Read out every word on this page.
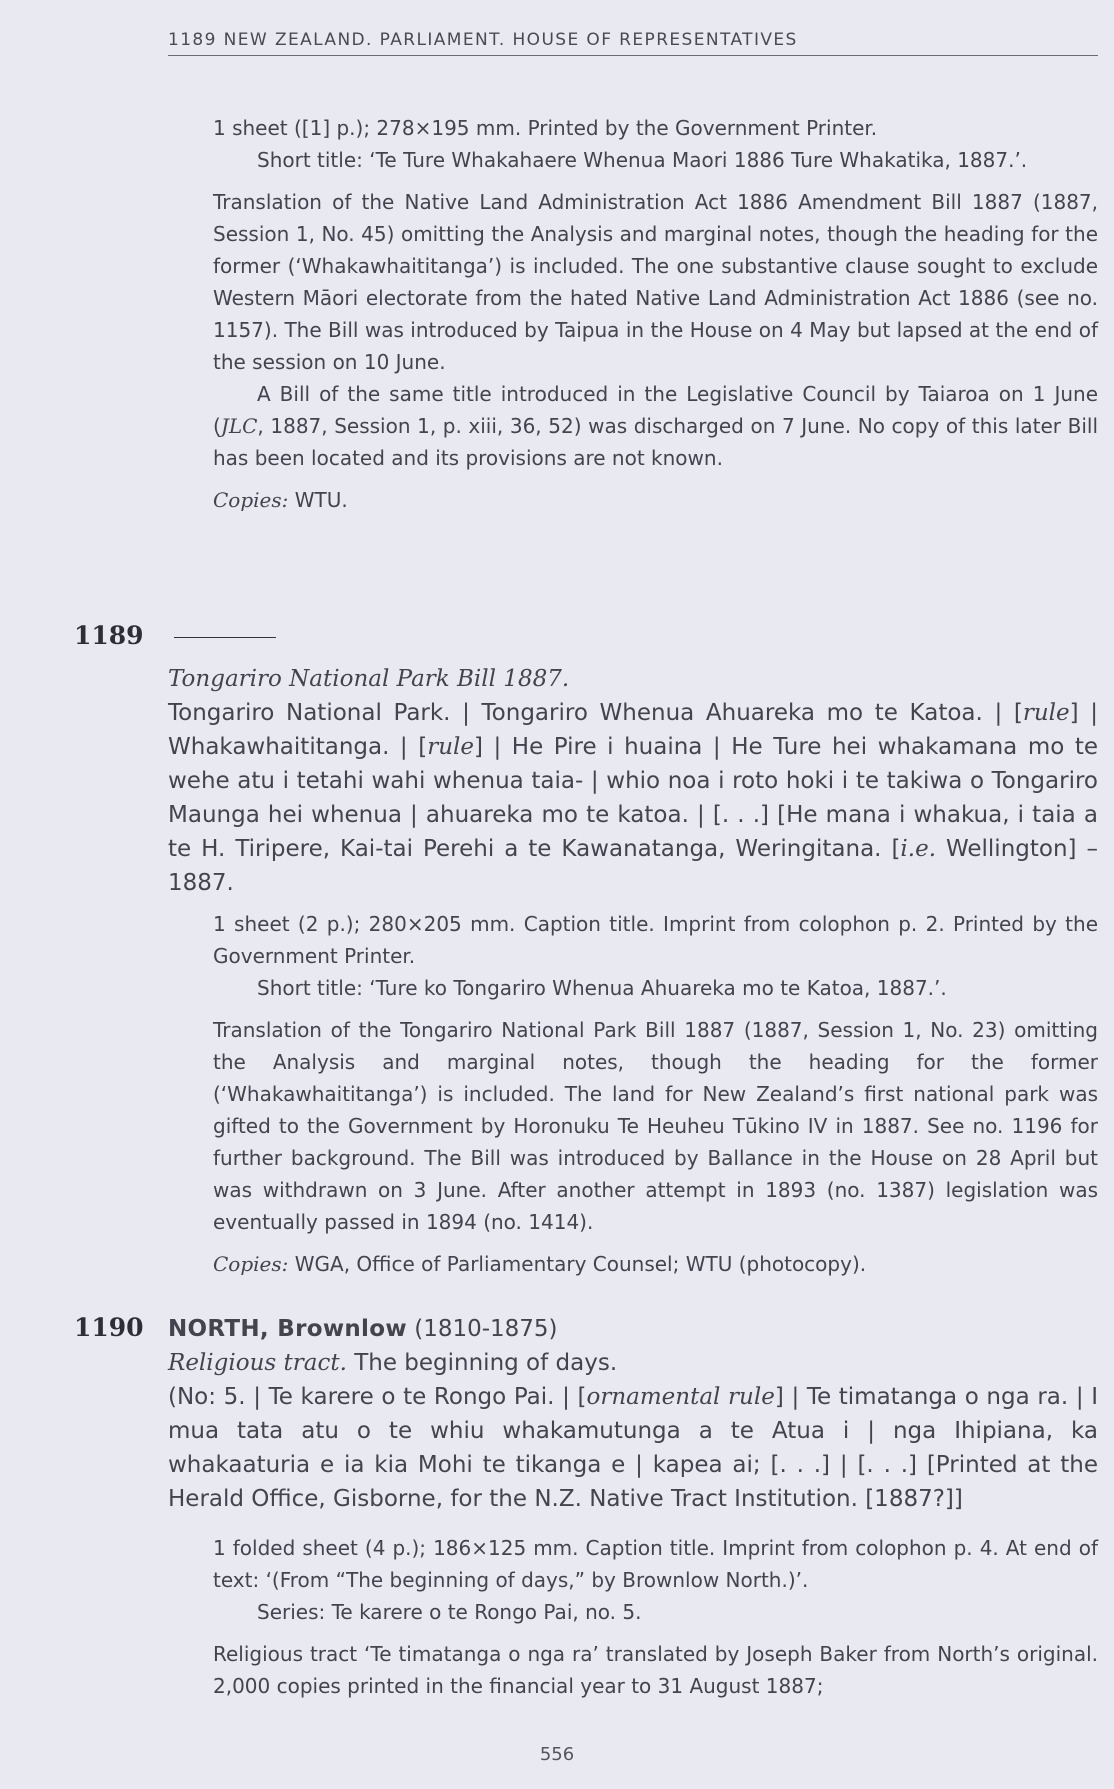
1189 NEW ZEALAND. PARLIAMENT. HOUSE OF REPRESENTATIVES

1 sheet ([1] p.); 278×195 mm. Printed by the Government Printer.

Short title: ‘Te Ture Whakahaere Whenua Maori 1886 Ture Whakatika, 1887.’.

Translation of the Native Land Administration Act 1886 Amendment Bill 1887 (1887, Session 1, No. 45) omitting the Analysis and marginal notes, though the heading for the former (‘Whakawhaititanga’) is included. The one substantive clause sought to exclude Western Māori electorate from the hated Native Land Administration Act 1886 (see no. 1157). The Bill was introduced by Taipua in the House on 4 May but lapsed at the end of the session on 10 June.

A Bill of the same title introduced in the Legislative Council by Taiaroa on 1 June (JLC, 1887, Session 1, p. xiii, 36, 52) was discharged on 7 June. No copy of this later Bill has been located and its provisions are not known.

Copies: WTU.

1189

Tongariro National Park Bill 1887.

Tongariro National Park. | Tongariro Whenua Ahuareka mo te Katoa. | [rule] | Whakawhaititanga. | [rule] | He Pire i huaina | He Ture hei whakamana mo te wehe atu i tetahi wahi whenua taia- | whio noa i roto hoki i te takiwa o Tongariro Maunga hei whenua | ahuareka mo te katoa. | [. . .] [He mana i whakua, i taia a te H. Tiripere, Kai-tai Perehi a te Kawanatanga, Weringitana. [i.e. Wellington] –1887.

1 sheet (2 p.); 280×205 mm. Caption title. Imprint from colophon p. 2. Printed by the Government Printer.

Short title: ‘Ture ko Tongariro Whenua Ahuareka mo te Katoa, 1887.’.

Translation of the Tongariro National Park Bill 1887 (1887, Session 1, No. 23) omitting the Analysis and marginal notes, though the heading for the former (‘Whakawhaititanga’) is included. The land for New Zealand’s first national park was gifted to the Government by Horonuku Te Heuheu Tūkino IV in 1887. See no. 1196 for further background. The Bill was introduced by Ballance in the House on 28 April but was withdrawn on 3 June. After another attempt in 1893 (no. 1387) legislation was eventually passed in 1894 (no. 1414).

Copies: WGA, Office of Parliamentary Counsel; WTU (photocopy).

1190 NORTH, Brownlow (1810-1875)

Religious tract. The beginning of days.

(No: 5. | Te karere o te Rongo Pai. | [ornamental rule] | Te timatanga o nga ra. | I mua tata atu o te whiu whakamutunga a te Atua i | nga Ihipiana, ka whakaaturia e ia kia Mohi te tikanga e | kapea ai; [. . .] | [. . .] [Printed at the Herald Office, Gisborne, for the N.Z. Native Tract Institution. [1887?]]

1 folded sheet (4 p.); 186×125 mm. Caption title. Imprint from colophon p. 4. At end of text: ‘(From “The beginning of days,” by Brownlow North.)’.

Series: Te karere o te Rongo Pai, no. 5.

Religious tract ‘Te timatanga o nga ra’ translated by Joseph Baker from North’s original. 2,000 copies printed in the financial year to 31 August 1887;

556
